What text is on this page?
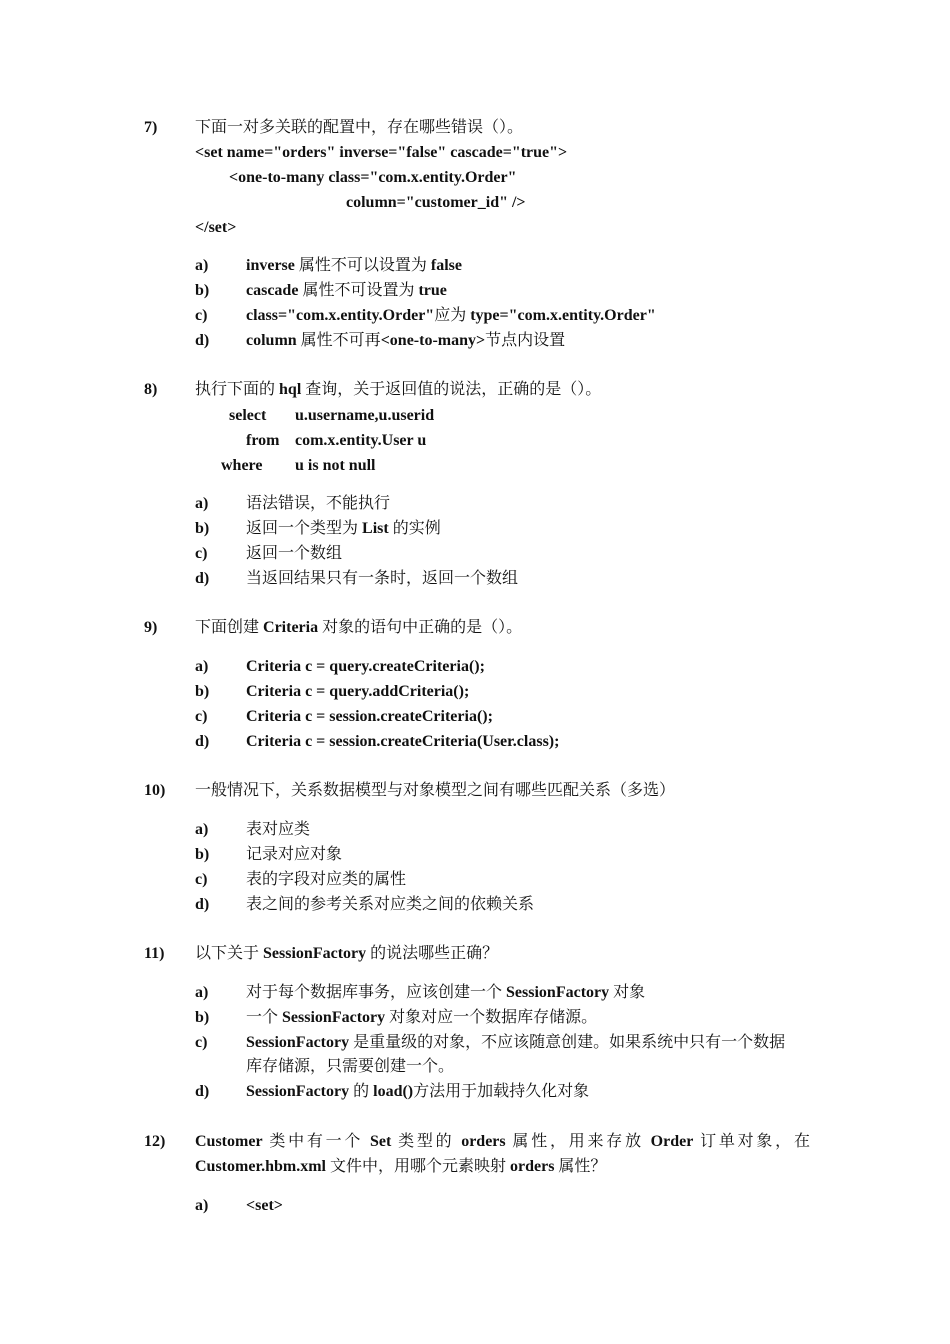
7) 下面一对多关联的配置中，存在哪些错误（）。
<set name="orders" inverse="false" cascade="true">
<one-to-many class="com.x.entity.Order"
column="customer_id" />
</set>
a) inverse 属性不可以设置为 false
b) cascade 属性不可设置为 true
c) class="com.x.entity.Order"应为 type="com.x.entity.Order"
d) column 属性不可再<one-to-many>节点内设置
8) 执行下面的 hql 查询，关于返回值的说法，正确的是（）。
select u.username,u.userid
from com.x.entity.User u
where u is not null
a) 语法错误，不能执行
b) 返回一个类型为 List 的实例
c) 返回一个数组
d) 当返回结果只有一条时，返回一个数组
9) 下面创建 Criteria 对象的语句中正确的是（）。
a) Criteria c = query.createCriteria();
b) Criteria c = query.addCriteria();
c) Criteria c = session.createCriteria();
d) Criteria c = session.createCriteria(User.class);
10) 一般情况下，关系数据模型与对象模型之间有哪些匹配关系（多选）
a) 表对应类
b) 记录对应对象
c) 表的字段对应类的属性
d) 表之间的参考关系对应类之间的依赖关系
11) 以下关于 SessionFactory 的说法哪些正确？
a) 对于每个数据库事务，应该创建一个 SessionFactory 对象
b) 一个 SessionFactory 对象对应一个数据库存储源。
c) SessionFactory 是重量级的对象，不应该随意创建。如果系统中只有一个数据
库存储源，只需要创建一个。
d) SessionFactory 的 load()方法用于加载持久化对象
12) Customer 类中有一个 Set 类型的 orders 属性，用来存放 Order 订单对象，在
Customer.hbm.xml 文件中，用哪个元素映射 orders 属性？
a) <set>
